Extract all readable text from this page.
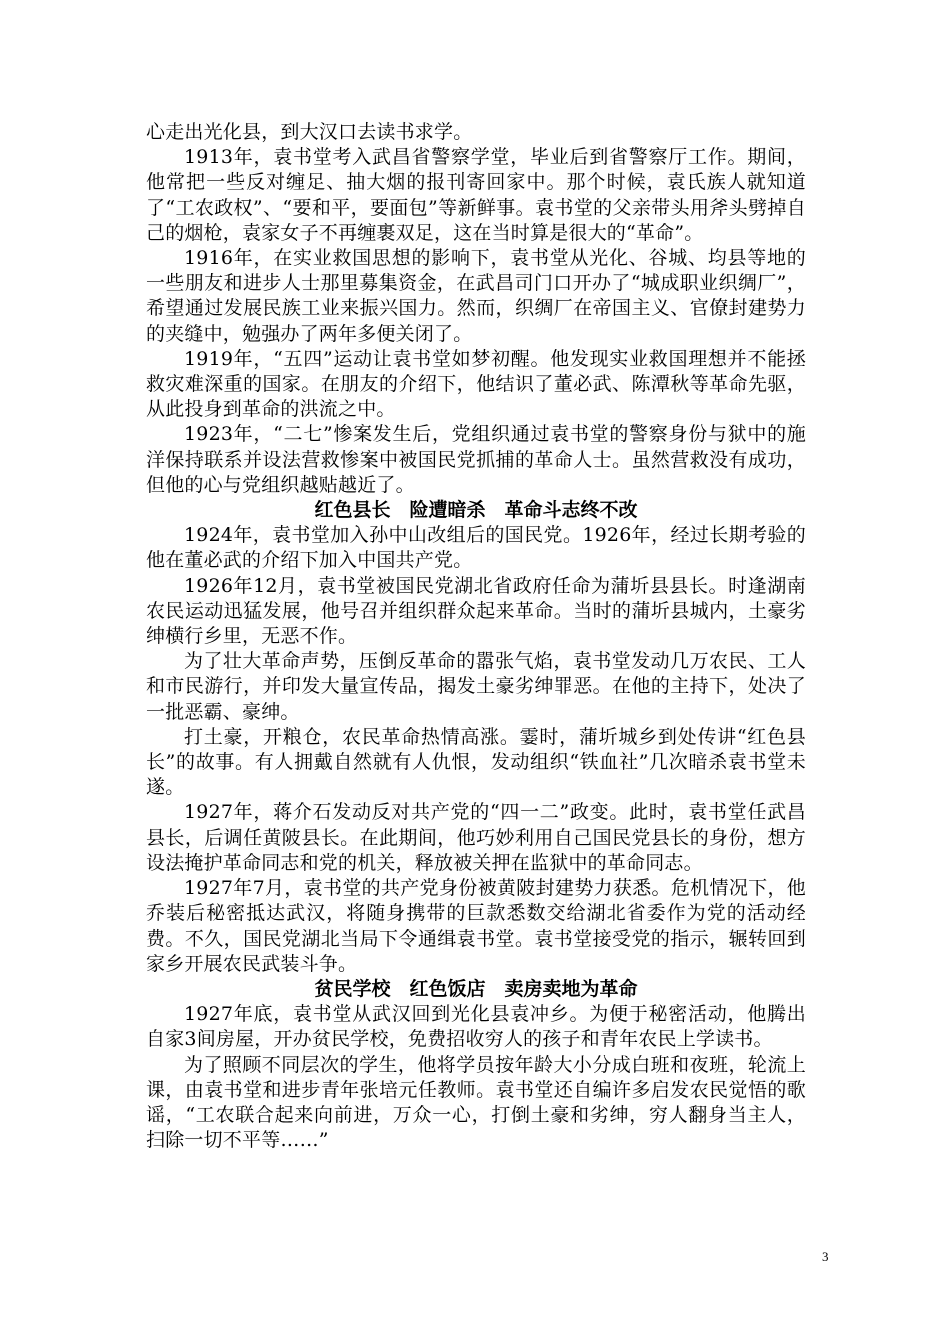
心走出光化县，到大汉口去读书求学。

1913年，袁书堂考入武昌省警察学堂，毕业后到省警察厅工作。期间，他常把一些反对缠足、抽大烟的报刊寄回家中。那个时候，袁氏族人就知道了“工农政权”、“要和平，要面包”等新鲜事。袁书堂的父亲带头用斧头劈掉自己的烟枪，袁家女子不再缠裹双足，这在当时算是很大的“革命”。

1916年，在实业救国思想的影响下，袁书堂从光化、谷城、均县等地的一些朋友和进步人士那里募集资金，在武昌司门口开办了“城成职业织绸厂”，希望通过发展民族工业来振兴国力。然而，织绸厂在帝国主义、官僚封建势力的夹缝中，勉强办了两年多便关闭了。

1919年，“五四”运动让袁书堂如梦初醒。他发现实业救国理想并不能拯救灾难深重的国家。在朋友的介绍下，他结识了董必武、陈潭秋等革命先驱，从此投身到革命的洪流之中。

1923年，“二七”惨案发生后，党组织通过袁书堂的警察身份与狱中的施洋保持联系并设法营救惨案中被国民党抓捕的革命人士。虽然营救没有成功，但他的心与党组织越贴越近了。

红色县长　险遭暗杀　革命斗志终不改

1924年，袁书堂加入孙中山改组后的国民党。1926年，经过长期考验的他在董必武的介绍下加入中国共产党。

1926年12月，袁书堂被国民党湖北省政府任命为蒲圻县县长。时逢湖南农民运动迅猛发展，他号召并组织群众起来革命。当时的蒲圻县城内，土豪劣绅横行乡里，无恶不作。

为了壮大革命声势，压倒反革命的嚣张气焰，袁书堂发动几万农民、工人和市民游行，并印发大量宣传品，揭发土豪劣绅罪恶。在他的主持下，处决了一批恶霸、豪绅。

打土豪，开粮仓，农民革命热情高涨。霎时，蒲圻城乡到处传讲“红色县长”的故事。有人拥戴自然就有人仇恨，发动组织“铁血社”几次暗杀袁书堂未遂。

1927年，蒋介石发动反对共产党的“四一二”政变。此时，袁书堂任武昌县长，后调任黄陂县长。在此期间，他巧妙利用自己国民党县长的身份，想方设法掩护革命同志和党的机关，释放被关押在监狱中的革命同志。

1927年7月，袁书堂的共产党身份被黄陂封建势力获悉。危机情况下，他乔装后秘密抵达武汉，将随身携带的巨款悉数交给湖北省委作为党的活动经费。不久，国民党湖北当局下令通缉袁书堂。袁书堂接受党的指示，辗转回到家乡开展农民武装斗争。

贫民学校　红色饭店　卖房卖地为革命

1927年底，袁书堂从武汉回到光化县袁冲乡。为便于秘密活动，他腾出自家3间房屋，开办贫民学校，免费招收穷人的孩子和青年农民上学读书。

为了照顾不同层次的学生，他将学员按年龄大小分成白班和夜班，轮流上课，由袁书堂和进步青年张培元任教师。袁书堂还自编许多启发农民觉悟的歌谣，“工农联合起来向前进，万众一心，打倒土豪和劣绅，穷人翻身当主人，扫除一切不平等……”

3
